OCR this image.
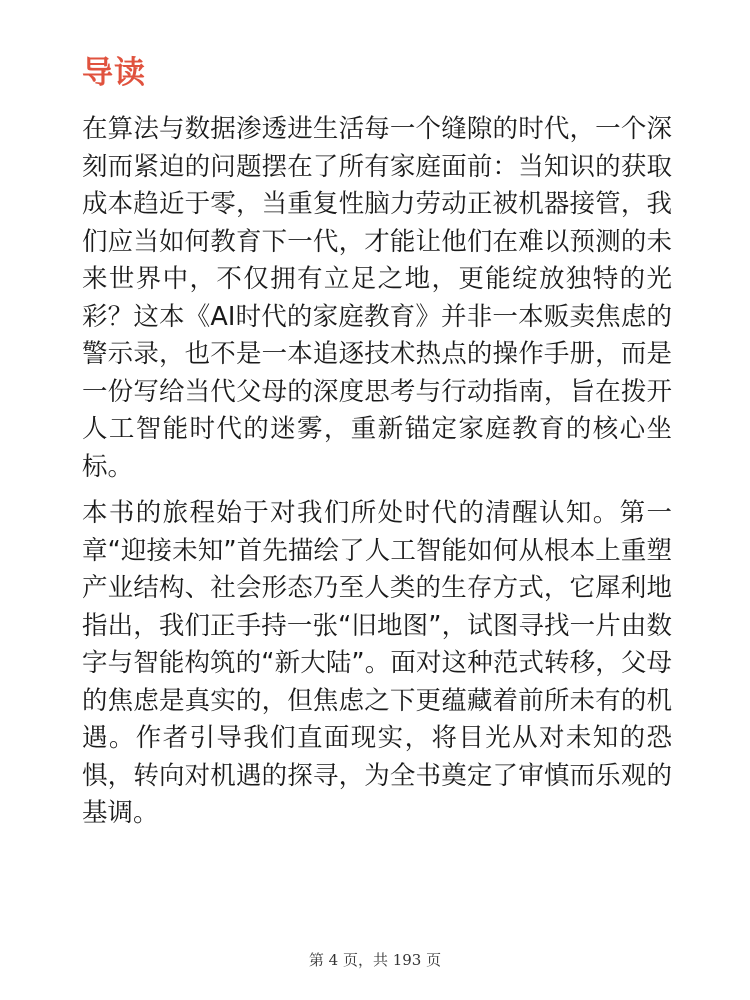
导读

在算法与数据渗透进生活每一个缝隙的时代，一个深刻而紧迫的问题摆在了所有家庭面前：当知识的获取成本趋近于零，当重复性脑力劳动正被机器接管，我们应当如何教育下一代，才能让他们在难以预测的未来世界中，不仅拥有立足之地，更能绽放独特的光彩？这本《AI时代的家庭教育》并非一本贩卖焦虑的警示录，也不是一本追逐技术热点的操作手册，而是一份写给当代父母的深度思考与行动指南，旨在拨开人工智能时代的迷雾，重新锚定家庭教育的核心坐标。

本书的旅程始于对我们所处时代的清醒认知。第一章“迎接未知”首先描绘了人工智能如何从根本上重塑产业结构、社会形态乃至人类的生存方式，它犀利地指出，我们正手持一张“旧地图”，试图寻找一片由数字与智能构筑的“新大陆”。面对这种范式转移，父母的焦虑是真实的，但焦虑之下更蕴藏着前所未有的机遇。作者引导我们直面现实，将目光从对未知的恐惧，转向对机遇的探寻，为全书奠定了审慎而乐观的基调。

第 4 页，共 193 页
